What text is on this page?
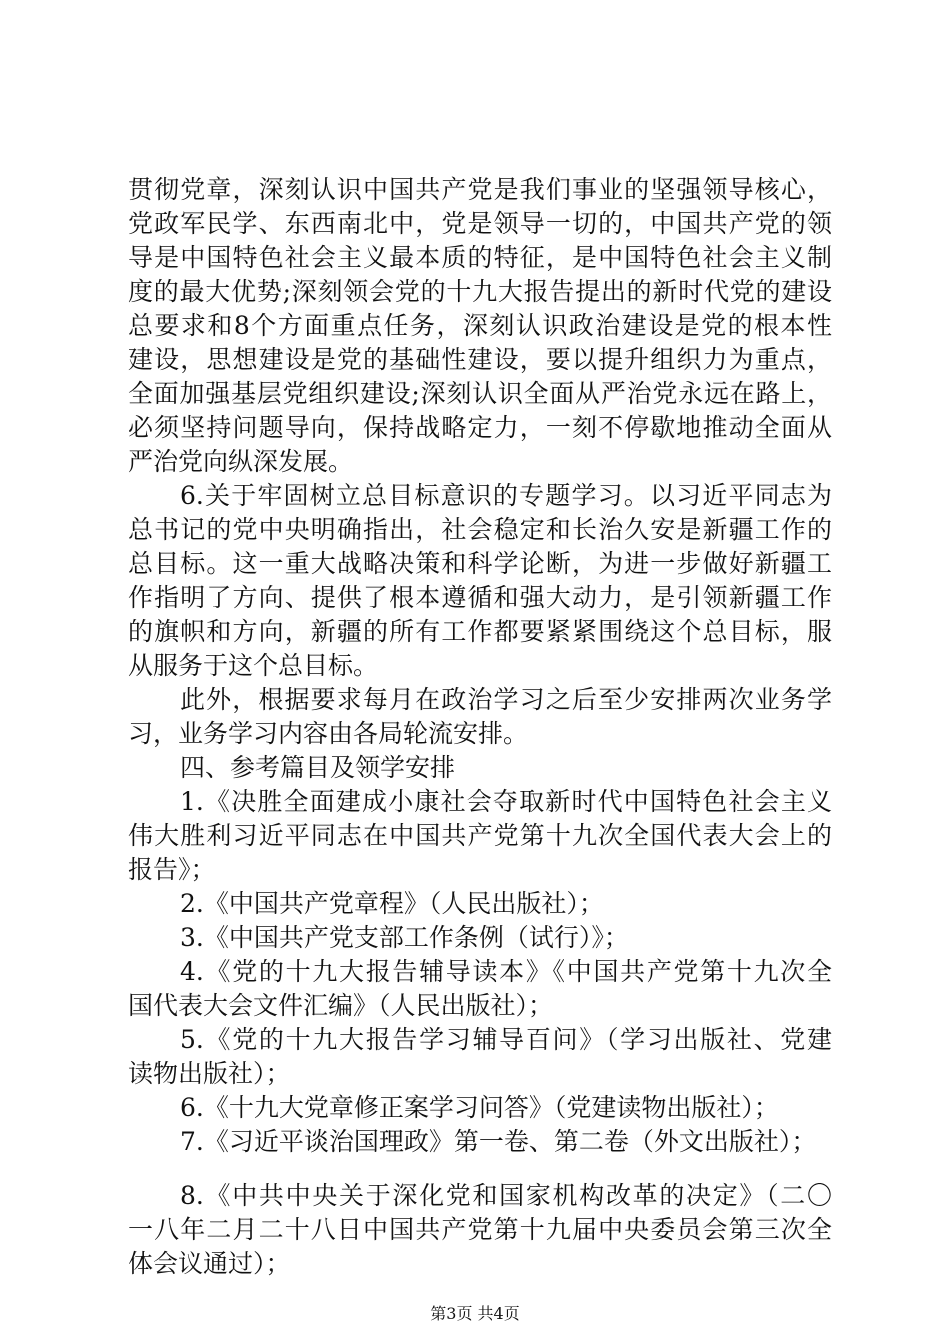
贯彻党章，深刻认识中国共产党是我们事业的坚强领导核心，
党政军民学、东西南北中，党是领导一切的，中国共产党的领
导是中国特色社会主义最本质的特征，是中国特色社会主义制
度的最大优势;深刻领会党的十九大报告提出的新时代党的建设
总要求和8个方面重点任务，深刻认识政治建设是党的根本性
建设，思想建设是党的基础性建设，要以提升组织力为重点，
全面加强基层党组织建设;深刻认识全面从严治党永远在路上，
必须坚持问题导向，保持战略定力，一刻不停歇地推动全面从
严治党向纵深发展。
6.关于牢固树立总目标意识的专题学习。以习近平同志为
总书记的党中央明确指出，社会稳定和长治久安是新疆工作的
总目标。这一重大战略决策和科学论断，为进一步做好新疆工
作指明了方向、提供了根本遵循和强大动力，是引领新疆工作
的旗帜和方向，新疆的所有工作都要紧紧围绕这个总目标，服
从服务于这个总目标。
此外，根据要求每月在政治学习之后至少安排两次业务学
习，业务学习内容由各局轮流安排。
四、参考篇目及领学安排
1.《决胜全面建成小康社会夺取新时代中国特色社会主义
伟大胜利习近平同志在中国共产党第十九次全国代表大会上的
报告》；
2.《中国共产党章程》（人民出版社）；
3.《中国共产党支部工作条例（试行）》；
4.《党的十九大报告辅导读本》《中国共产党第十九次全
国代表大会文件汇编》（人民出版社）；
5.《党的十九大报告学习辅导百问》（学习出版社、党建
读物出版社）；
6.《十九大党章修正案学习问答》（党建读物出版社）；
7.《习近平谈治国理政》第一卷、第二卷（外文出版社）；
8.《中共中央关于深化党和国家机构改革的决定》（二〇
一八年二月二十八日中国共产党第十九届中央委员会第三次全
体会议通过）；
第3页 共4页
